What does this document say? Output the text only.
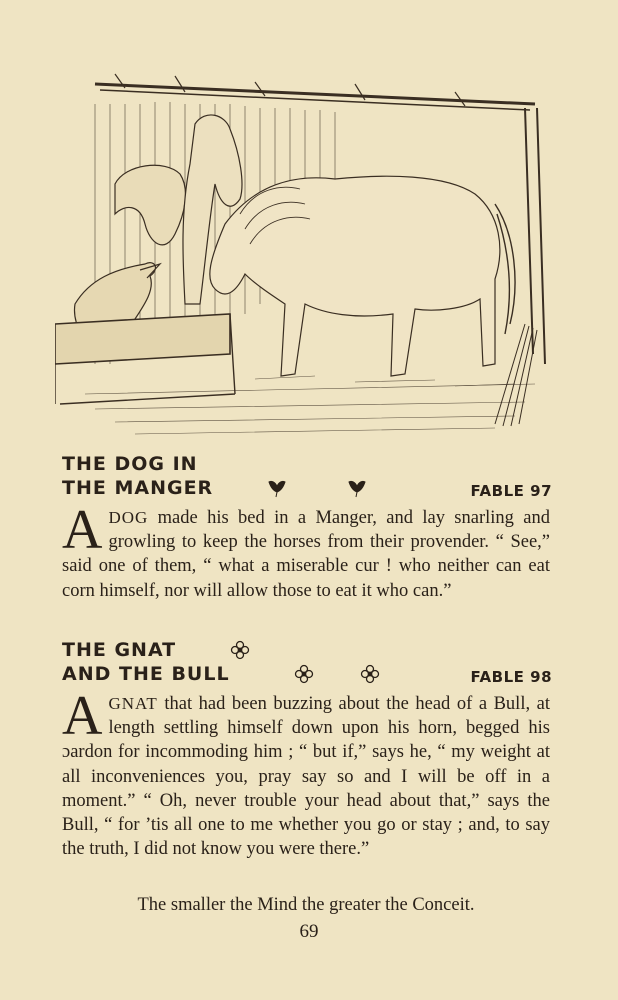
THE DOG IN
THE MANGER	FABLE 97
ADOG made his bed in a Manger, and lay snarling and growling to keep the horses from their provender. “ See,” said one of them, “ what a miserable cur ! who neither can eat corn himself, nor will allow those to eat it who can.”
THE GNAT
AND THE BULL	FABLE 98
AGNAT that had been buzzing about the head of a Bull, at length settling himself down upon his horn, begged his ɔardon for incommoding him ; “ but if,” says he, “ my weight at all inconveniences you, pray say so and I will be off in a moment.” “ Oh, never trouble your head about that,” says the Bull, “ for ’tis all one to me whether you go or stay ; and, to say the truth, I did not know you were there.”
The smaller the Mind the greater the Conceit.
69
